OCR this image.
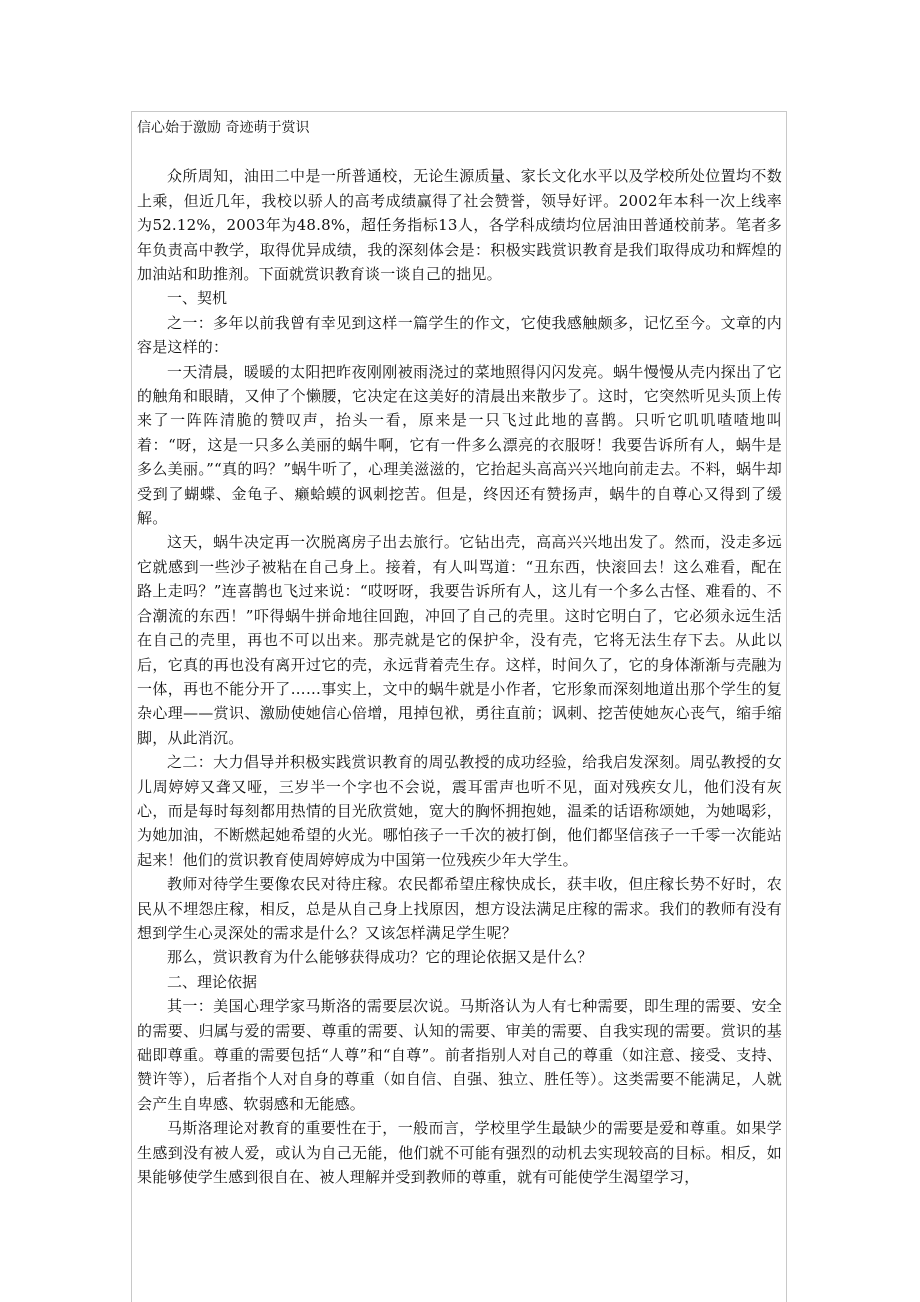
信心始于激励 奇迹萌于赏识

众所周知，油田二中是一所普通校，无论生源质量、家长文化水平以及学校所处位置均不数上乘，但近几年，我校以骄人的高考成绩赢得了社会赞誉，领导好评。2002年本科一次上线率为52.12%，2003年为48.8%，超任务指标13人，各学科成绩均位居油田普通校前茅。笔者多年负责高中教学，取得优异成绩，我的深刻体会是：积极实践赏识教育是我们取得成功和辉煌的加油站和助推剂。下面就赏识教育谈一谈自己的拙见。

一、契机

之一：多年以前我曾有幸见到这样一篇学生的作文，它使我感触颇多，记忆至今。文章的内容是这样的：

一天清晨，暖暖的太阳把昨夜刚刚被雨浇过的菜地照得闪闪发亮。蜗牛慢慢从壳内探出了它的触角和眼睛，又伸了个懒腰，它决定在这美好的清晨出来散步了。这时，它突然听见头顶上传来了一阵阵清脆的赞叹声，抬头一看，原来是一只飞过此地的喜鹊。只听它叽叽喳喳地叫着：“呀，这是一只多么美丽的蜗牛啊，它有一件多么漂亮的衣服呀！我要告诉所有人，蜗牛是多么美丽。”“真的吗？”蜗牛听了，心理美滋滋的，它抬起头高高兴兴地向前走去。不料，蜗牛却受到了蝴蝶、金龟子、癞蛤蟆的讽刺挖苦。但是，终因还有赞扬声，蜗牛的自尊心又得到了缓解。

这天，蜗牛决定再一次脱离房子出去旅行。它钻出壳，高高兴兴地出发了。然而，没走多远它就感到一些沙子被粘在自己身上。接着，有人叫骂道：“丑东西，快滚回去！这么难看，配在路上走吗？”连喜鹊也飞过来说：“哎呀呀，我要告诉所有人，这儿有一个多么古怪、难看的、不合潮流的东西！”吓得蜗牛拼命地往回跑，冲回了自己的壳里。这时它明白了，它必须永远生活在自己的壳里，再也不可以出来。那壳就是它的保护伞，没有壳，它将无法生存下去。从此以后，它真的再也没有离开过它的壳，永远背着壳生存。这样，时间久了，它的身体渐渐与壳融为一体，再也不能分开了……事实上，文中的蜗牛就是小作者，它形象而深刻地道出那个学生的复杂心理——赏识、激励使她信心倍增，甩掉包袱，勇往直前；讽刺、挖苦使她灰心丧气，缩手缩脚，从此消沉。

之二：大力倡导并积极实践赏识教育的周弘教授的成功经验，给我启发深刻。周弘教授的女儿周婷婷又聋又哑，三岁半一个字也不会说，震耳雷声也听不见，面对残疾女儿，他们没有灰心，而是每时每刻都用热情的目光欣赏她，宽大的胸怀拥抱她，温柔的话语称颂她，为她喝彩，为她加油，不断燃起她希望的火光。哪怕孩子一千次的被打倒，他们都坚信孩子一千零一次能站起来！他们的赏识教育使周婷婷成为中国第一位残疾少年大学生。

教师对待学生要像农民对待庄稼。农民都希望庄稼快成长，获丰收，但庄稼长势不好时，农民从不埋怨庄稼，相反，总是从自己身上找原因，想方设法满足庄稼的需求。我们的教师有没有想到学生心灵深处的需求是什么？又该怎样满足学生呢？

那么，赏识教育为什么能够获得成功？它的理论依据又是什么？

二、理论依据

其一：美国心理学家马斯洛的需要层次说。马斯洛认为人有七种需要，即生理的需要、安全的需要、归属与爱的需要、尊重的需要、认知的需要、审美的需要、自我实现的需要。赏识的基础即尊重。尊重的需要包括“人尊”和“自尊”。前者指别人对自己的尊重（如注意、接受、支持、赞许等），后者指个人对自身的尊重（如自信、自强、独立、胜任等）。这类需要不能满足，人就会产生自卑感、软弱感和无能感。

马斯洛理论对教育的重要性在于，一般而言，学校里学生最缺少的需要是爱和尊重。如果学生感到没有被人爱，或认为自己无能，他们就不可能有强烈的动机去实现较高的目标。相反，如果能够使学生感到很自在、被人理解并受到教师的尊重，就有可能使学生渴望学习，
